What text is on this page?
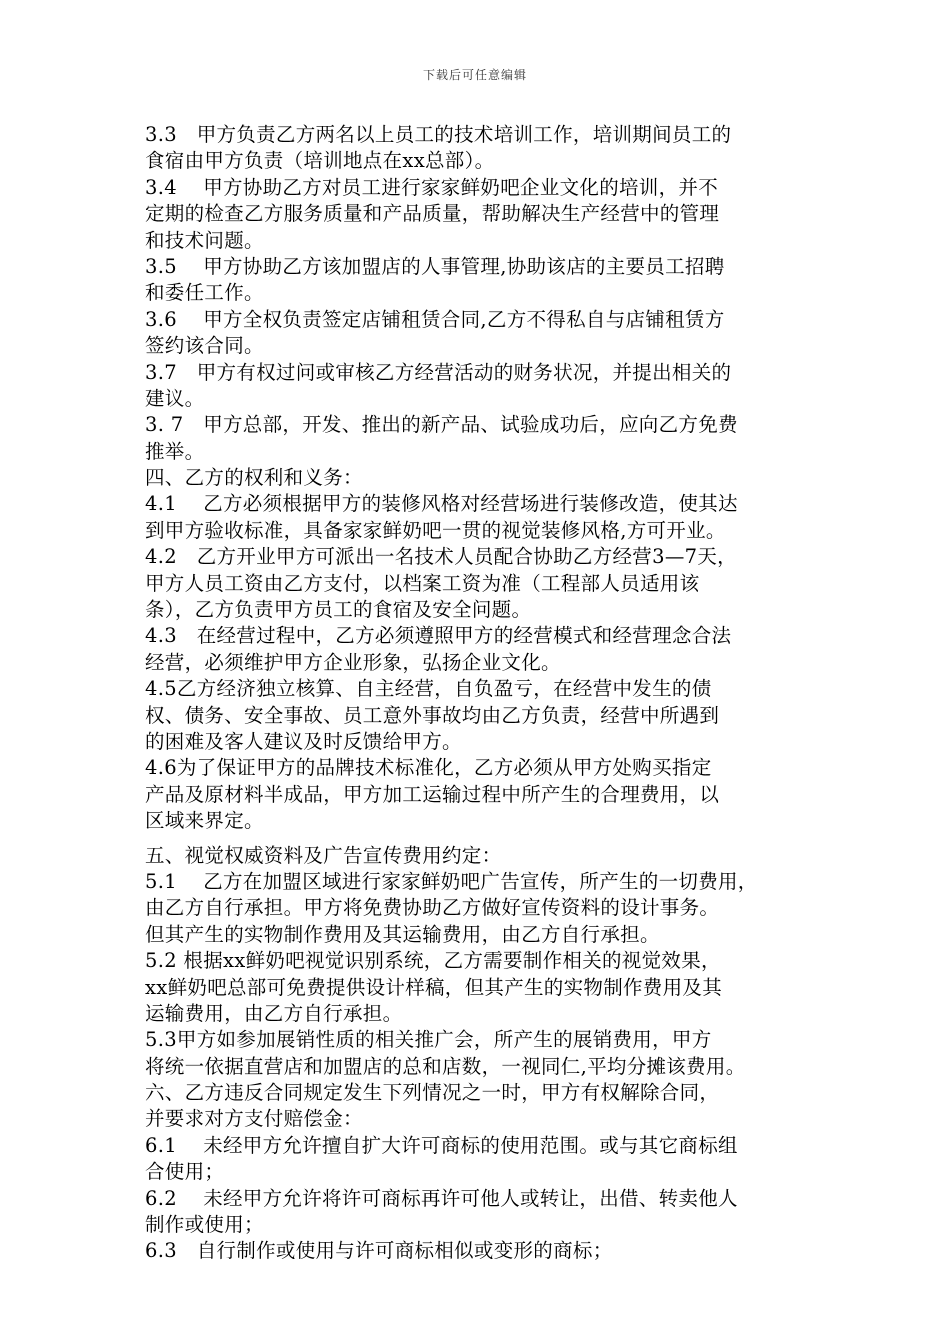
下载后可任意编辑
3.3　甲方负责乙方两名以上员工的技术培训工作，培训期间员工的
食宿由甲方负责（培训地点在xx总部）。
3.4　 甲方协助乙方对员工进行家家鲜奶吧企业文化的培训，并不
定期的检查乙方服务质量和产品质量，帮助解决生产经营中的管理
和技术问题。
3.5　 甲方协助乙方该加盟店的人事管理,协助该店的主要员工招聘
和委任工作。
3.6　 甲方全权负责签定店铺租赁合同,乙方不得私自与店铺租赁方
签约该合同。
3.7　甲方有权过问或审核乙方经营活动的财务状况，并提出相关的
建议。
3. 7　甲方总部，开发、推出的新产品、试验成功后，应向乙方免费
推举。
四、乙方的权利和义务：
4.1　 乙方必须根据甲方的装修风格对经营场进行装修改造，使其达
到甲方验收标准，具备家家鲜奶吧一贯的视觉装修风格,方可开业。
4.2　乙方开业甲方可派出一名技术人员配合协助乙方经营3—7天，
甲方人员工资由乙方支付，以档案工资为准（工程部人员适用该
条），乙方负责甲方员工的食宿及安全问题。
4.3　在经营过程中，乙方必须遵照甲方的经营模式和经营理念合法
经营，必须维护甲方企业形象，弘扬企业文化。
4.5乙方经济独立核算、自主经营，自负盈亏，在经营中发生的债
权、债务、安全事故、员工意外事故均由乙方负责，经营中所遇到
的困难及客人建议及时反馈给甲方。
4.6为了保证甲方的品牌技术标准化，乙方必须从甲方处购买指定
产品及原材料半成品，甲方加工运输过程中所产生的合理费用，以
区域来界定。
五、视觉权威资料及广告宣传费用约定：
5.1　 乙方在加盟区域进行家家鲜奶吧广告宣传，所产生的一切费用，
由乙方自行承担。甲方将免费协助乙方做好宣传资料的设计事务。
但其产生的实物制作费用及其运输费用，由乙方自行承担。
5.2 根据xx鲜奶吧视觉识别系统，乙方需要制作相关的视觉效果，
xx鲜奶吧总部可免费提供设计样稿，但其产生的实物制作费用及其
运输费用，由乙方自行承担。
5.3甲方如参加展销性质的相关推广会，所产生的展销费用，甲方
将统一依据直营店和加盟店的总和店数，一视同仁,平均分摊该费用。
六、乙方违反合同规定发生下列情况之一时，甲方有权解除合同，
并要求对方支付赔偿金：
6.1　 未经甲方允许擅自扩大许可商标的使用范围。或与其它商标组
合使用；
6.2　 未经甲方允许将许可商标再许可他人或转让，出借、转卖他人
制作或使用；
6.3　自行制作或使用与许可商标相似或变形的商标；
